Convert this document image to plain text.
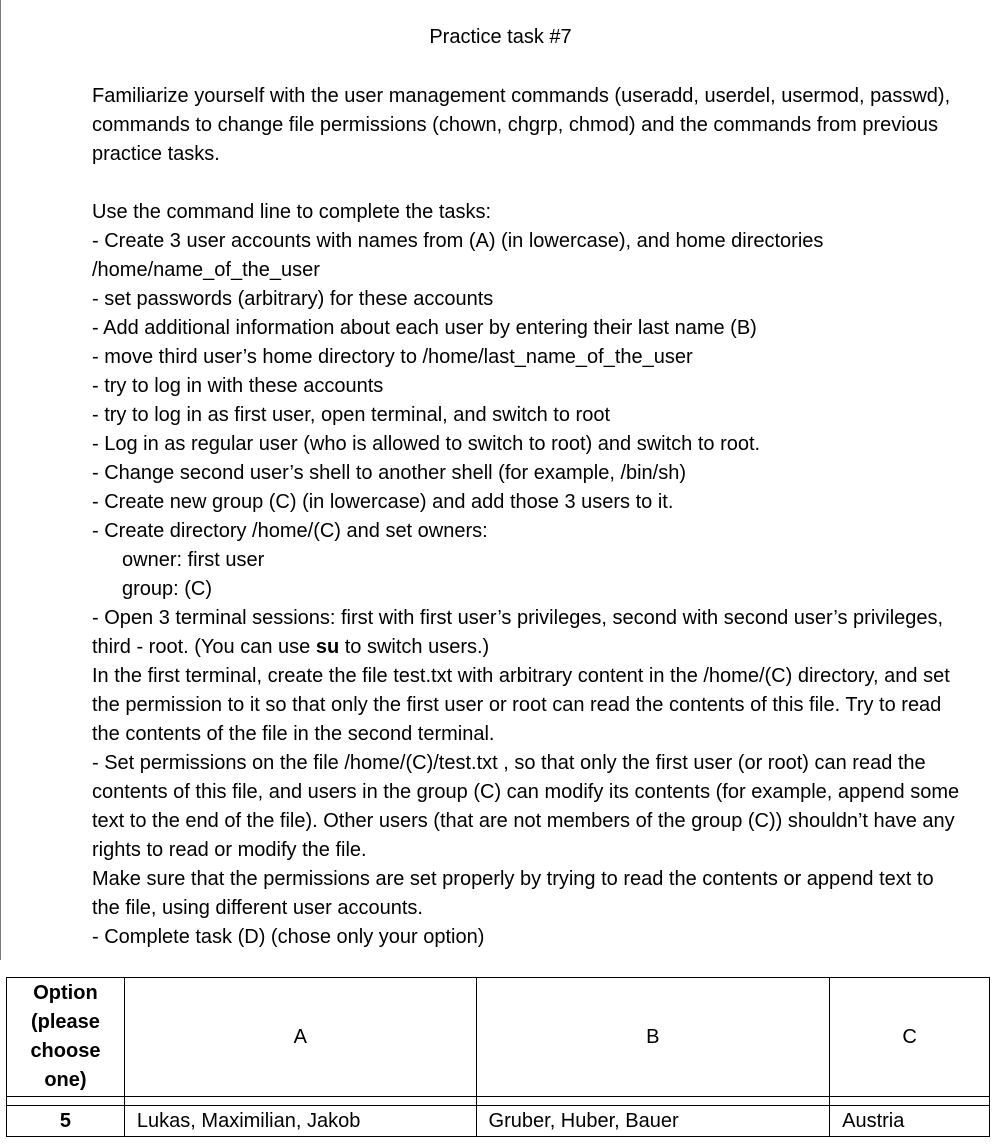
Practice task #7

Familiarize yourself with the user management commands (useradd, userdel, usermod, passwd), commands to change file permissions (chown, chgrp, chmod) and the commands from previous practice tasks.

Use the command line to complete the tasks:

- Create 3 user accounts with names from (A) (in lowercase), and home directories /home/name_of_the_user

- set passwords (arbitrary) for these accounts

- Add additional information about each user by entering their last name (B)

- move third user’s home directory to /home/last_name_of_the_user

- try to log in with these accounts

- try to log in as first user, open terminal, and switch to root

- Log in as regular user (who is allowed to switch to root) and switch to root.

- Change second user’s shell to another shell (for example, /bin/sh)

- Create new group (C) (in lowercase) and add those 3 users to it.

- Create directory /home/(C) and set owners:

owner: first user

group: (C)

- Open 3 terminal sessions: first with first user’s privileges, second with second user’s privileges, third - root. (You can use su to switch users.)

In the first terminal, create the file test.txt with arbitrary content in the /home/(C) directory, and set the permission to it so that only the first user or root can read the contents of this file. Try to read the contents of the file in the second terminal.

- Set permissions on the file /home/(C)/test.txt , so that only the first user (or root) can read the contents of this file, and users in the group (C) can modify its contents (for example, append some text to the end of the file). Other users (that are not members of the group (C)) shouldn’t have any rights to read or modify the file.

Make sure that the permissions are set properly by trying to read the contents or append text to the file, using different user accounts.

- Complete task (D) (chose only your option)

Option (please choose one)	A	B	C

5	Lukas, Maximilian, Jakob	Gruber, Huber, Bauer	Austria
